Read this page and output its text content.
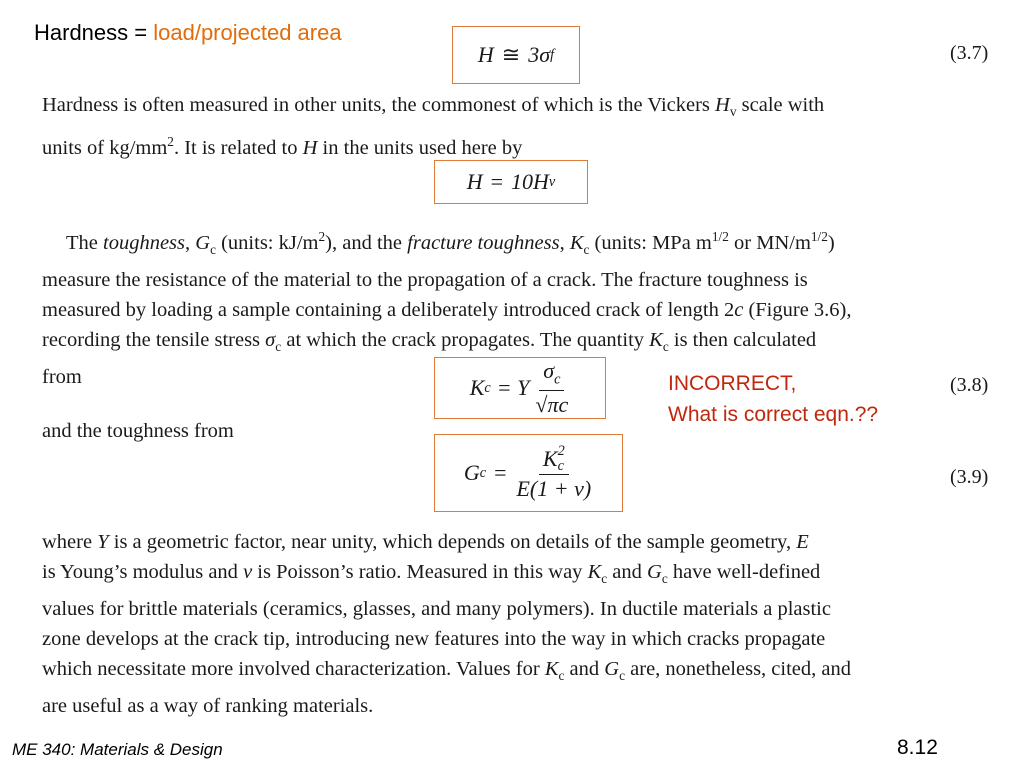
Hardness = load/projected area
H ≅ 3σ f	(3.7)
Hardness is often measured in other units, the commonest of which is the Vickers $H_v$ scale with
units of $kg/mm^2$. It is related to H in the units used here by
H = 10H v
The toughness, $G_c$ (units: $kJ/m^2$), and the fracture toughness, $K_c$ (units: MPa $m^{1/2}$ or $MN/m^{1/2}$)
measure the resistance of the material to the propagation of a crack. The fracture toughness is
measured by loading a sample containing a deliberately introduced crack of length 2c (Figure 3.6),
recording the tensile stress $\sigma_c$ at which the crack propagates. The quantity $K_c$ is then calculated
from	K c = Y $\frac{\sigma_c}{√\pi c}$	INCORRECT,
What is correct eqn.??
(3.8)
and the toughness from
G c = K 2
c
E(1 + ν)	(3.9)
where Y is a geometric factor, near unity, which depends on details of the sample geometry, E
is Young’s modulus and ν is Poisson’s ratio. Measured in this way $K_c$ and $G_c$ have well-defined
values for brittle materials (ceramics, glasses, and many polymers). In ductile materials a plastic
zone develops at the crack tip, introducing new features into the way in which cracks propagate
which necessitate more involved characterization. Values for $K_c$ and $G_c$ are, nonetheless, cited, and
are useful as a way of ranking materials.
ME 340: Materials & Design	8.12
